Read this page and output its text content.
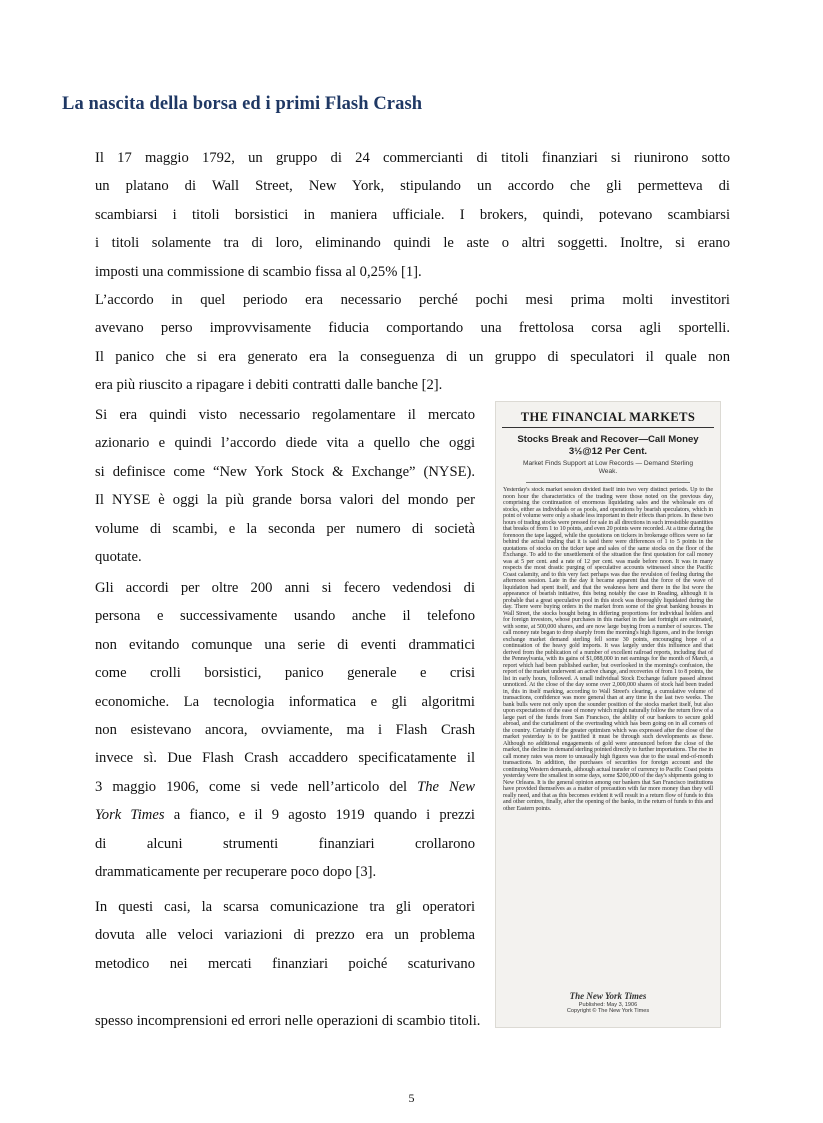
La nascita della borsa ed i primi Flash Crash

Il 17 maggio 1792, un gruppo di 24 commercianti di titoli finanziari si riunirono sotto
un platano di Wall Street, New York, stipulando un accordo che gli permetteva di
scambiarsi i titoli borsistici in maniera ufficiale. I brokers, quindi, potevano scambiarsi
i titoli solamente tra di loro, eliminando quindi le aste o altri soggetti. Inoltre, si erano
imposti una commissione di scambio fissa al 0,25% [1].

L’accordo in quel periodo era necessario perché pochi mesi prima molti investitori
avevano perso improvvisamente fiducia comportando una frettolosa corsa agli sportelli.
Il panico che si era generato era la conseguenza di un gruppo di speculatori il quale non
era più riuscito a ripagare i debiti contratti dalle banche [2].

Si era quindi visto necessario regolamentare il mercato
azionario e quindi l’accordo diede vita a quello che oggi
si definisce come “New York Stock & Exchange” (NYSE).
Il NYSE è oggi la più grande borsa valori del mondo per
volume di scambi, e la seconda per numero di società
quotate.

Gli accordi per oltre 200 anni si fecero vedendosi di
persona e successivamente usando anche il telefono
non evitando comunque una serie di eventi drammatici
come crolli borsistici, panico generale e crisi
economiche. La tecnologia informatica e gli algoritmi
non esistevano ancora, ovviamente, ma i Flash Crash
invece sì. Due Flash Crash accaddero specificatamente il
3 maggio 1906, come si vede nell’articolo del The New
York Times a fianco, e il 9 agosto 1919 quando i prezzi
di alcuni strumenti finanziari crollarono
drammaticamente per recuperare poco dopo [3].

In questi casi, la scarsa comunicazione tra gli operatori
dovuta alle veloci variazioni di prezzo era un problema
metodico nei mercati finanziari poiché scaturivano

spesso incomprensioni ed errori nelle operazioni di scambio titoli.

THE FINANCIAL MARKETS
Stocks Break and Recover—Call Money 3½@12 Per Cent.
Market Finds Support at Low Records — Demand Sterling Weak.
Yesterday's stock market session divided itself into two very distinct periods. Up to the noon hour the characteristics of the trading were those noted on the previous day, comprising the continuation of enormous liquidating sales and the wholesale ers of stocks, either as individuals or as pools, and operations by bearish speculators, which in point of volume were only a shade less important in their effects than prices. In these two hours of trading stocks were pressed for sale in all directions in such irresistible quantities that breaks of from 1 to 10 points, and even 20 points were recorded. At a time during the forenoon the tape lagged, while the quotations on tickers in brokerage offices were so far behind the actual trading that it is said there were differences of 1 to 5 points in the quotations of stocks on the ticker tape and sales of the same stocks on the floor of the Exchange. To add to the unsettlement of the situation the first quotation for call money was at 5 per cent. and a rate of 12 per cent. was made before noon. It was in many respects the most drastic purging of speculative accounts witnessed since the Pacific Coast calamity, and to this very fact perhaps was due the revulsion of feeling during the afternoon session. Late in the day it became apparent that the force of the wave of liquidation had spent itself, and that the weakness here and there in the list wore the appearance of bearish initiative, this being notably the case in Reading, although it is probable that a great speculative pool in this stock was thoroughly liquidated during the day. There were buying orders in the market from some of the great banking houses in Wall Street, the stocks bought being in differing proportions for individual holders and for foreign investors, whose purchases in this market in the last fortnight are estimated, with some, at 500,000 shares, and are now large buying from a number of sources. The call money rate began to drop sharply from the morning's high figures, and in the foreign exchange market demand sterling fell some 30 points, encouraging hope of a continuation of the heavy gold imports. It was largely under this influence and that derived from the publication of a number of excellent railroad reports, including that of the Pennsylvania, with its gains of $1,088,000 in net earnings for the month of March, a report which had been published earlier, but overlooked in the morning's confusion, the report of the market underwent an active change, and recoveries of from 1 to 8 points, the list in early hours, followed. A small individual Stock Exchange failure passed almost unnoticed. At the close of the day some over 2,000,000 shares of stock had been traded in, this in itself marking, according to Wall Street's clearing, a cumulative volume of transactions, confidence was more general than at any time in the last two weeks. The bank bulls were not only upon the sounder position of the stocks market itself, but also upon expectations of the ease of money which might naturally follow the return flow of a large part of the funds from San Francisco, the ability of our bankers to secure gold abroad, and the curtailment of the overtrading which has been going on in all corners of the country. Certainly if the greater optimism which was expressed after the close of the market yesterday is to be justified it must be through such developments as these. Although no additional engagements of gold were announced before the close of the market, the decline in demand sterling pointed directly to further importations. The rise in call money rates was more to unusually high figures was due to the usual end-of-month transactions. In addition, the purchases of securities for foreign account and the continuing Western demands, although actual transfer of currency to Pacific Coast points yesterday were the smallest in some days, some $200,000 of the day's shipments going to New Orleans. It is the general opinion among our bankers that San Francisco institutions have provided themselves as a matter of precaution with far more money than they will really need, and that as this becomes evident it will result in a return flow of funds to this and other centres, finally, after the opening of the banks, in the return of funds to this and other Eastern points.
The New York Times
Published: May 3, 1906
Copyright © The New York Times
5
